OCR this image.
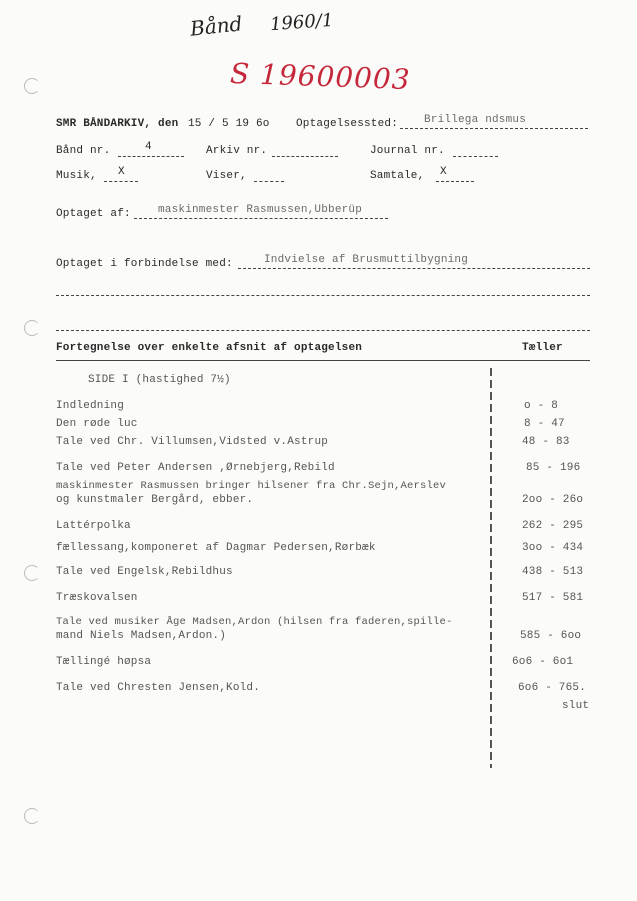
Bånd 1960/1
S 19600003
SMR BÅNDARKIV, den 15 / 5 19 6o Optagelsessted: Brillega ndsmus
Bånd nr.	4	Arkiv nr.	Journal nr.
Musik, X	Viser,	Samtale, X
Optaget af: maskinmester Rasmussen,Ubberüp
Optaget i forbindelse med:	Indvielse af Brusmuttilbygning
Fortegnelse over enkelte afsnit af optagelsen	Tæller
SIDE I (hastighed 7½)
Indledning	o - 8
Den røde luc	8 - 47
Tale ved Chr. Villumsen,Vidsted v.Astrup	48 - 83
Tale ved Peter Andersen ,Ørnebjerg,Rebild	85 - 196
maskinmester Rasmussen bringer hilsener fra Chr.Sejn,Aerslev
og kunstmaler Bergård, ebber.	2oo - 26o
Lattérpolka	262 - 295
fællessang,komponeret af Dagmar Pedersen,Rørbæk	3oo - 434
Tale ved Engelsk,Rebildhus	438 - 513
Træskovalsen	517 - 581
Tale ved musiker Åge Madsen,Ardon (hilsen fra faderen,spille-
mand Niels Madsen,Ardon.)	585 - 6oo
Tællingé høpsa	6o6 - 6o1
Tale ved Chresten Jensen,Kold.	6o6 - 765.
slut
